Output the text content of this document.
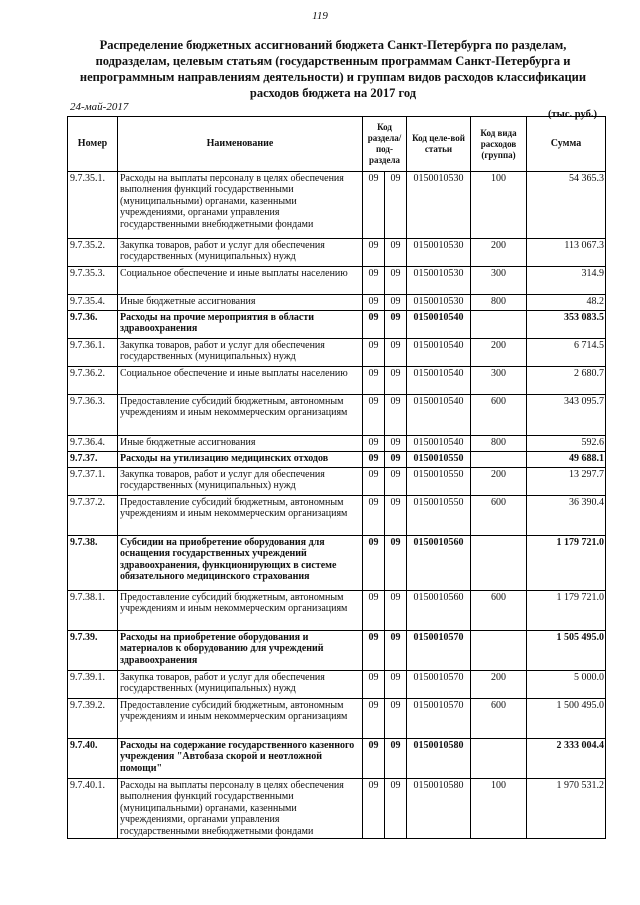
119
Распределение бюджетных ассигнований бюджета Санкт-Петербурга по разделам, подразделам, целевым статьям (государственным программам Санкт-Петербурга и непрограммным направлениям деятельности) и группам видов расходов классификации расходов бюджета на 2017 год
24-май-2017
(тыс. руб.)
Номер	Наименование	Код раздела/ под-раздела		Код целе-вой статьи	Код вида расходов (группа)	Сумма
9.7.35.1.	Расходы на выплаты персоналу в целях обеспечения выполнения функций государственными (муниципальными) органами, казенными учреждениями, органами управления государственными внебюджетными фондами	09	09	0150010530	100	54 365.3
9.7.35.2.	Закупка товаров, работ и услуг для обеспечения государственных (муниципальных) нужд	09	09	0150010530	200	113 067.3
9.7.35.3.	Социальное обеспечение и иные выплаты населению	09	09	0150010530	300	314.9
9.7.35.4.	Иные бюджетные ассигнования	09	09	0150010530	800	48.2
9.7.36.	Расходы на прочие мероприятия в области здравоохранения	09	09	0150010540		353 083.5
9.7.36.1.	Закупка товаров, работ и услуг для обеспечения государственных (муниципальных) нужд	09	09	0150010540	200	6 714.5
9.7.36.2.	Социальное обеспечение и иные выплаты населению	09	09	0150010540	300	2 680.7
9.7.36.3.	Предоставление субсидий бюджетным, автономным учреждениям и иным некоммерческим организациям	09	09	0150010540	600	343 095.7
9.7.36.4.	Иные бюджетные ассигнования	09	09	0150010540	800	592.6
9.7.37.	Расходы на утилизацию медицинских отходов	09	09	0150010550		49 688.1
9.7.37.1.	Закупка товаров, работ и услуг для обеспечения государственных (муниципальных) нужд	09	09	0150010550	200	13 297.7
9.7.37.2.	Предоставление субсидий бюджетным, автономным учреждениям и иным некоммерческим организациям	09	09	0150010550	600	36 390.4
9.7.38.	Субсидии на приобретение оборудования для оснащения государственных учреждений здравоохранения, функционирующих в системе обязательного медицинского страхования	09	09	0150010560		1 179 721.0
9.7.38.1.	Предоставление субсидий бюджетным, автономным учреждениям и иным некоммерческим организациям	09	09	0150010560	600	1 179 721.0
9.7.39.	Расходы на приобретение оборудования и материалов к оборудованию для учреждений здравоохранения	09	09	0150010570		1 505 495.0
9.7.39.1.	Закупка товаров, работ и услуг для обеспечения государственных (муниципальных) нужд	09	09	0150010570	200	5 000.0
9.7.39.2.	Предоставление субсидий бюджетным, автономным учреждениям и иным некоммерческим организациям	09	09	0150010570	600	1 500 495.0
9.7.40.	Расходы на содержание государственного казенного учреждения "Автобаза скорой и неотложной помощи"	09	09	0150010580		2 333 004.4
9.7.40.1.	Расходы на выплаты персоналу в целях обеспечения выполнения функций государственными (муниципальными) органами, казенными учреждениями, органами управления государственными внебюджетными фондами	09	09	0150010580	100	1 970 531.2
